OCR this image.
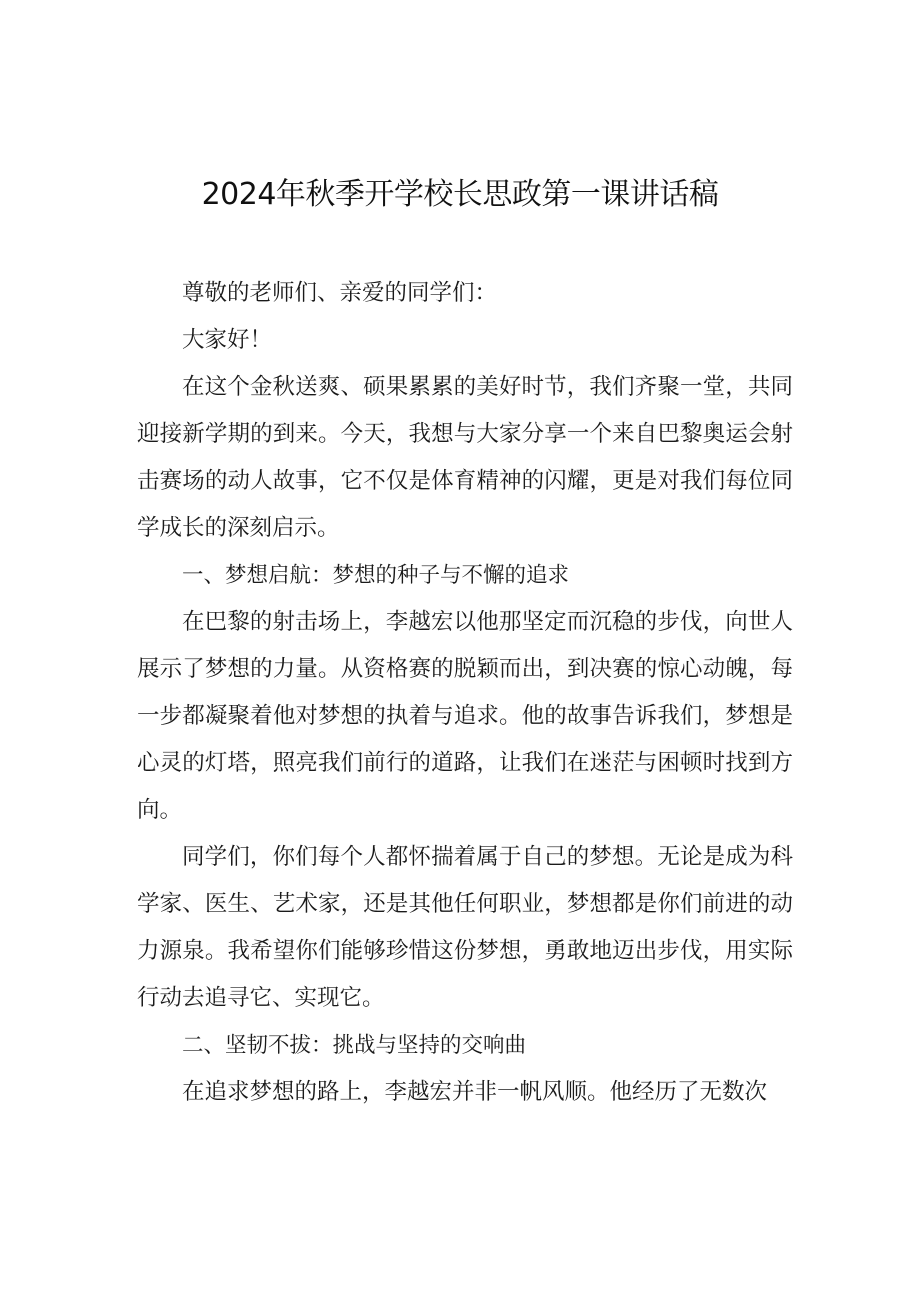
2024年秋季开学校长思政第一课讲话稿

尊敬的老师们、亲爱的同学们：

大家好！

在这个金秋送爽、硕果累累的美好时节，我们齐聚一堂，共同迎接新学期的到来。今天，我想与大家分享一个来自巴黎奥运会射击赛场的动人故事，它不仅是体育精神的闪耀，更是对我们每位同学成长的深刻启示。

一、梦想启航：梦想的种子与不懈的追求

在巴黎的射击场上，李越宏以他那坚定而沉稳的步伐，向世人展示了梦想的力量。从资格赛的脱颖而出，到决赛的惊心动魄，每一步都凝聚着他对梦想的执着与追求。他的故事告诉我们，梦想是心灵的灯塔，照亮我们前行的道路，让我们在迷茫与困顿时找到方向。

同学们，你们每个人都怀揣着属于自己的梦想。无论是成为科学家、医生、艺术家，还是其他任何职业，梦想都是你们前进的动力源泉。我希望你们能够珍惜这份梦想，勇敢地迈出步伐，用实际行动去追寻它、实现它。

二、坚韧不拔：挑战与坚持的交响曲

在追求梦想的路上，李越宏并非一帆风顺。他经历了无数次
